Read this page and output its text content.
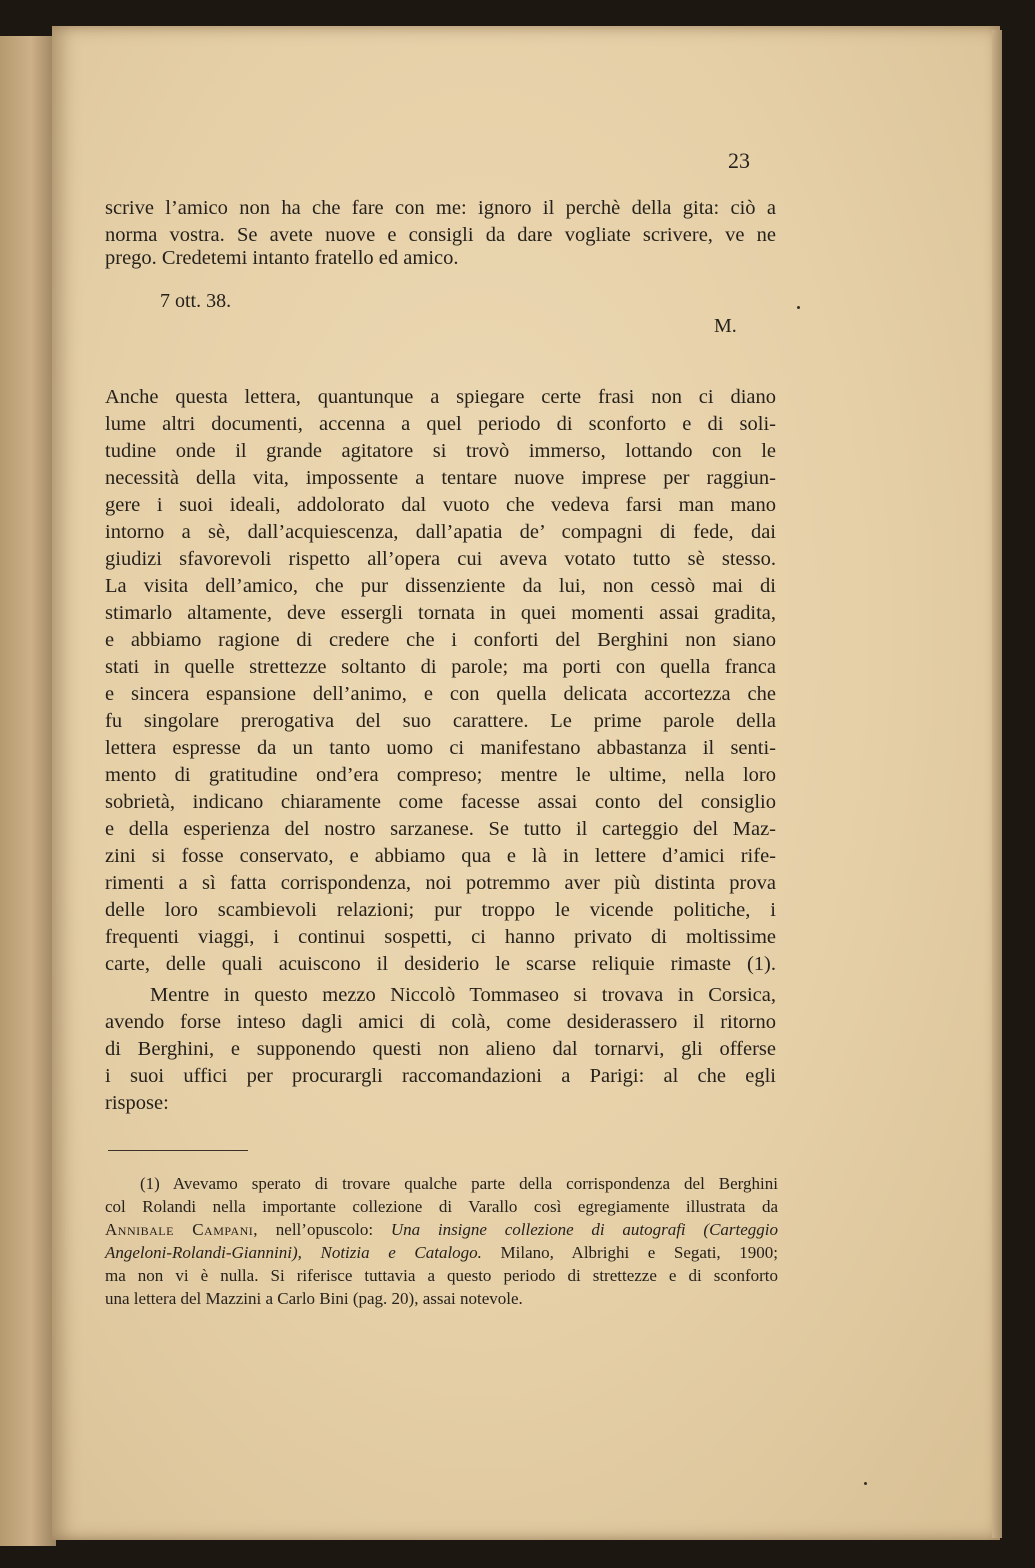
23
scrive l’amico non ha che fare con me: ignoro il perchè della gita: ciò a
norma vostra. Se avete nuove e consigli da dare vogliate scrivere, ve ne
prego. Credetemi intanto fratello ed amico.
7 ott. 38.
M.
Anche questa lettera, quantunque a spiegare certe frasi non ci diano
lume altri documenti, accenna a quel periodo di sconforto e di soli-
tudine onde il grande agitatore si trovò immerso, lottando con le
necessità della vita, impossente a tentare nuove imprese per raggiun-
gere i suoi ideali, addolorato dal vuoto che vedeva farsi man mano
intorno a sè, dall’acquiescenza, dall’apatia de’ compagni di fede, dai
giudizi sfavorevoli rispetto all’opera cui aveva votato tutto sè stesso.
La visita dell’amico, che pur dissenziente da lui, non cessò mai di
stimarlo altamente, deve essergli tornata in quei momenti assai gradita,
e abbiamo ragione di credere che i conforti del Berghini non siano
stati in quelle strettezze soltanto di parole; ma porti con quella franca
e sincera espansione dell’animo, e con quella delicata accortezza che
fu singolare prerogativa del suo carattere. Le prime parole della
lettera espresse da un tanto uomo ci manifestano abbastanza il senti-
mento di gratitudine ond’era compreso; mentre le ultime, nella loro
sobrietà, indicano chiaramente come facesse assai conto del consiglio
e della esperienza del nostro sarzanese. Se tutto il carteggio del Maz-
zini si fosse conservato, e abbiamo qua e là in lettere d’amici rife-
rimenti a sì fatta corrispondenza, noi potremmo aver più distinta prova
delle loro scambievoli relazioni; pur troppo le vicende politiche, i
frequenti viaggi, i continui sospetti, ci hanno privato di moltissime
carte, delle quali acuiscono il desiderio le scarse reliquie rimaste (1).
Mentre in questo mezzo Niccolò Tommaseo si trovava in Corsica,
avendo forse inteso dagli amici di colà, come desiderassero il ritorno
di Berghini, e supponendo questi non alieno dal tornarvi, gli offerse
i suoi uffici per procurargli raccomandazioni a Parigi: al che egli
rispose:
(1) Avevamo sperato di trovare qualche parte della corrispondenza del Berghini
col Rolandi nella importante collezione di Varallo così egregiamente illustrata da
Annibale Campani, nell’opuscolo: Una insigne collezione di autografi (Carteggio
Angeloni-Rolandi-Giannini), Notizia e Catalogo. Milano, Albrighi e Segati, 1900;
ma non vi è nulla. Si riferisce tuttavia a questo periodo di strettezze e di sconforto
una lettera del Mazzini a Carlo Bini (pag. 20), assai notevole.
